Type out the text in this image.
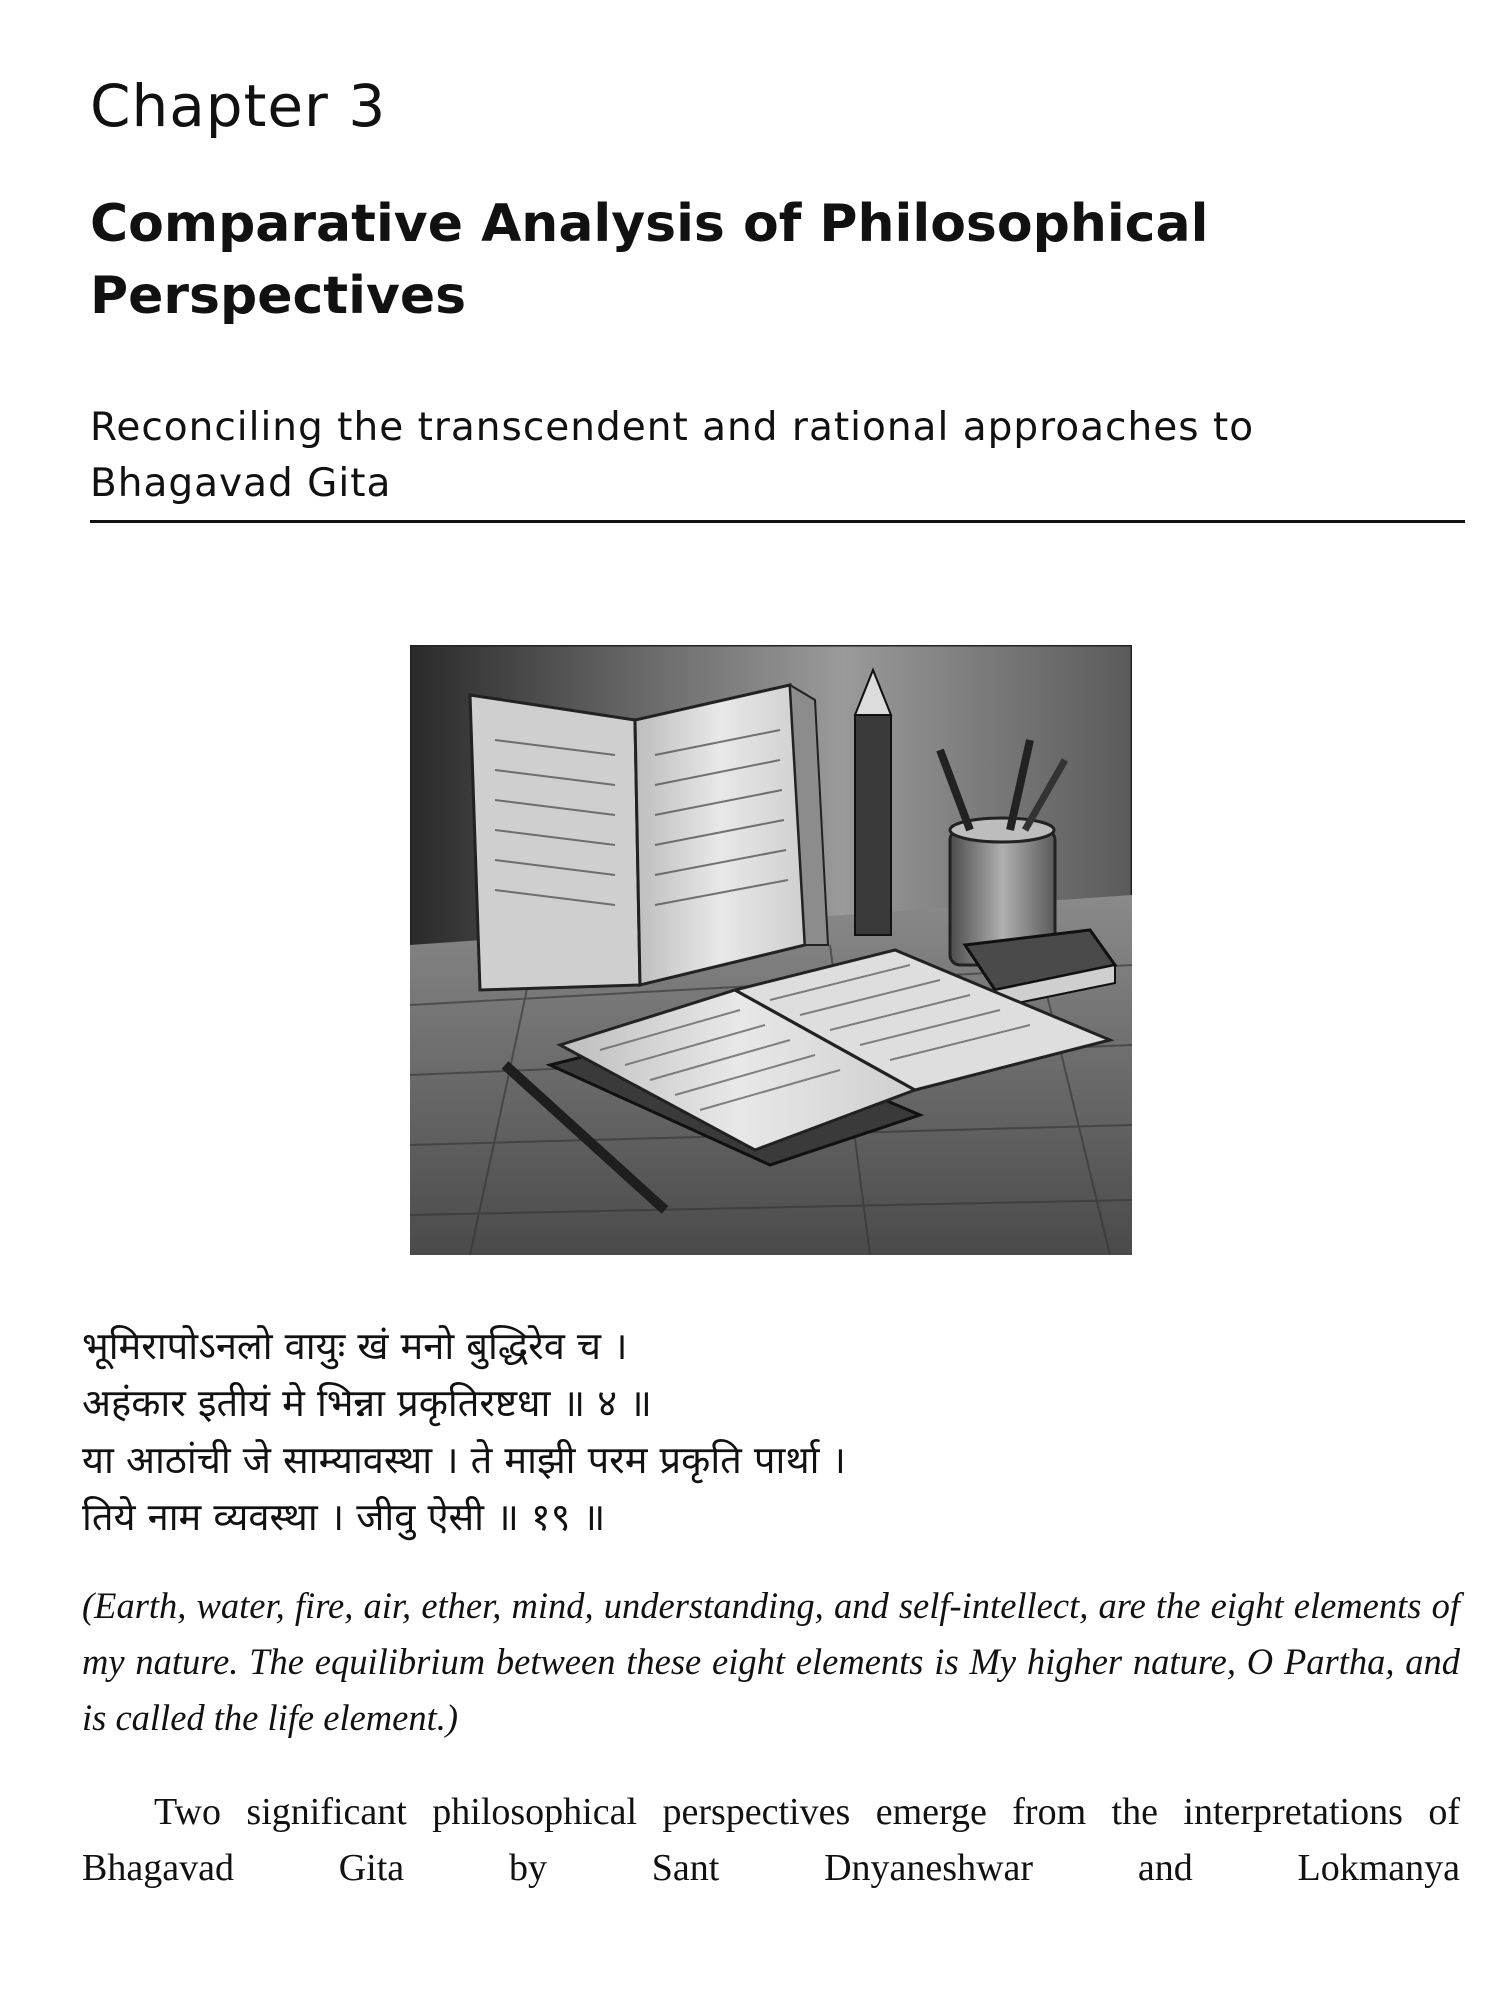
Chapter 3
Comparative Analysis of Philosophical Perspectives

Reconciling the transcendent and rational approaches to Bhagavad Gita

भूमिरापोऽनलो वायुः खं मनो बुद्धिरेव च ।
अहंकार इतीयं मे भिन्ना प्रकृतिरष्टधा ॥ ४ ॥
या आठांची जे साम्यावस्था । ते माझी परम प्रकृति पार्था ।
तिये नाम व्यवस्था । जीवु ऐसी ॥ १९ ॥

(Earth, water, fire, air, ether, mind, understanding, and self-intellect, are the eight elements of my nature. The equilibrium between these eight elements is My higher nature, O Partha, and is called the life element.)

Two significant philosophical perspectives emerge from the interpretations of Bhagavad Gita by Sant Dnyaneshwar and Lokmanya
